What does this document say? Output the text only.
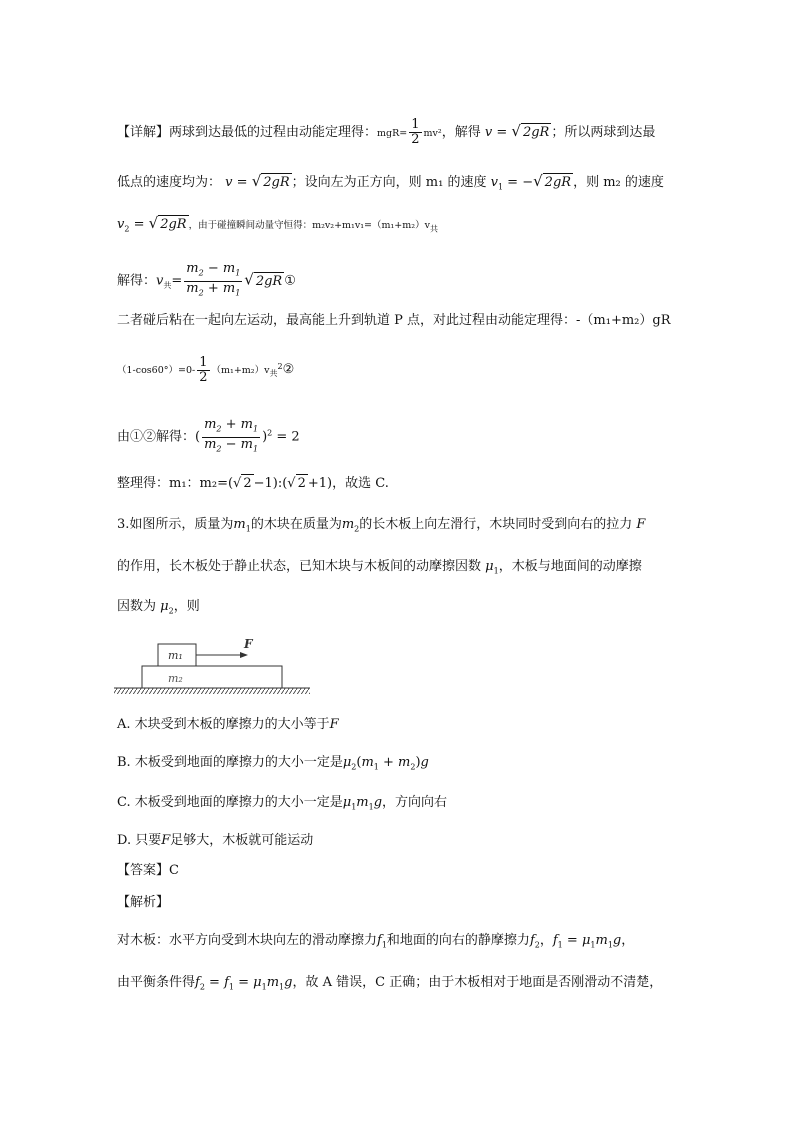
【详解】两球到达最低的过程由动能定理得：$mgR= \frac{1}{2} mv^2$，解得 v = √ 2gR ；所以两球到达最
低点的速度均为： v = √ 2gR ；设向左为正方向，则 m₁ 的速度 $v_1$ = −√ 2gR ，则 m₂ 的速度
$v_2$ = √ 2gR ，由于碰撞瞬间动量守恒得：$m_2v_2+m_1v_1=(m_1+m_2)v_共$
解得：$v_共= \frac{m_2 - m_1}{m_2 + m_1}$ √ 2gR ①
二者碰后粘在一起向左运动，最高能上升到轨道 P 点，对此过程由动能定理得：-（m₁+m₂）gR
$(1-\cos 60^\circ)=0- \frac{1}{2}$ $(m_1+m_2)v_共^2②$
由①②解得：( $\frac{m_2 + m_1}{m_2 - m_1} )^2 = 2$
整理得：m₁：m₂=(√ 2 −1):(√ 2 +1)，故选 C.
3.如图所示，质量为$m_1$的木块在质量为$m_2$的长木板上向左滑行，木块同时受到向右的拉力 F
的作用，长木板处于静止状态，已知木块与木板间的动摩擦因数 $\mu_1$，木板与地面间的动摩擦
因数为 $\mu_2$，则
m₁
m₂
F
A. 木块受到木板的摩擦力的大小等于F
B. 木板受到地面的摩擦力的大小一定是$\mu_2(m_1 + m_2)g$
C. 木板受到地面的摩擦力的大小一定是$\mu_1m_1g$，方向向右
D. 只要F足够大，木板就可能运动
【答案】C
【解析】
对木板：水平方向受到木块向左的滑动摩擦力$f_1$和地面的向右的静摩擦力$f_2$，$f_1 = \mu_1m_1g$，
由平衡条件得$f_2 = f_1 = \mu_1m_1g$，故 A 错误，C 正确；由于木板相对于地面是否刚滑动不清楚，
